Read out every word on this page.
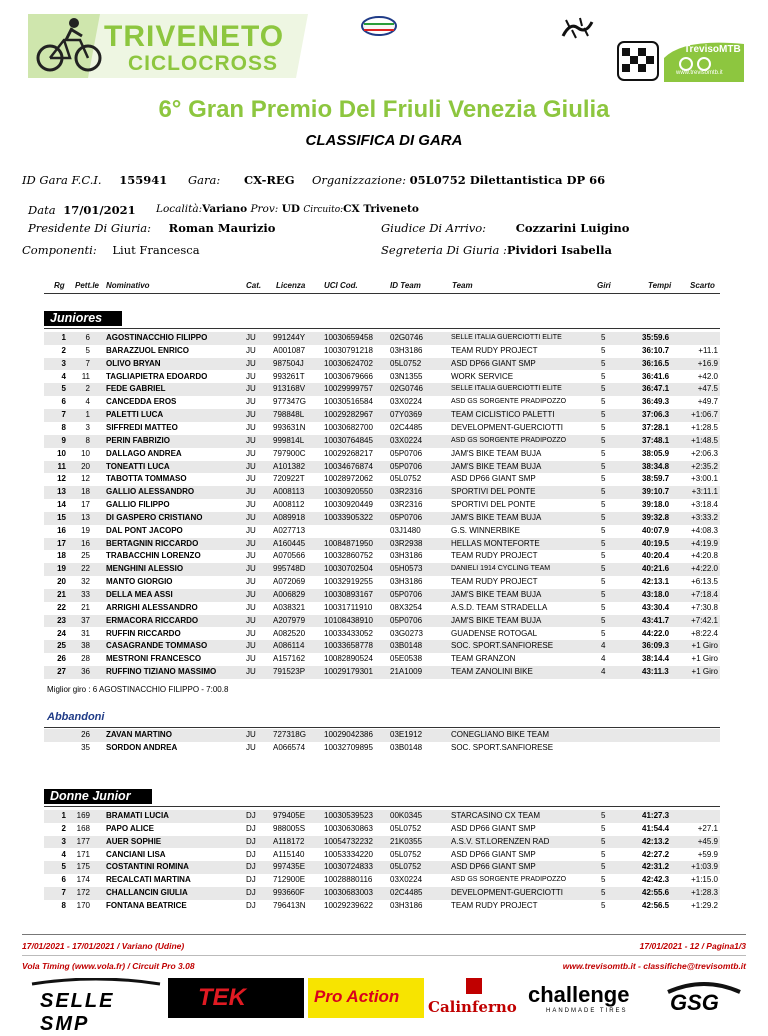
TRIVENETO
CICLOCROSS
TrevisoMTB
www.trevisomtb.it
6° Gran Premio Del Friuli Venezia Giulia
CLASSIFICA DI GARA
ID Gara F.C.I. 155941 Gara: CX-REG Organizzazione: 05L0752 Dilettantistica DP 66
Data 17/01/2021 Località:Variano Prov: UD Circuito:CX Triveneto
Presidente Di Giuria: Roman Maurizio	Giudice Di Arrivo:	Cozzarini Luigino
Componenti: Liut Francesca	Segreteria Di Giuria :Pividori Isabella
Rg Pett.le Nominativo	Cat. Licenza UCI Cod.	ID Team	Team	Giri	Tempi Scarto
Juniores
1	6 AGOSTINACCHIO FILIPPO	JU 991244Y 10030659458 02G0746	SELLE ITALIA GUERCIOTTI ELITE	5	35:59.6
2	5 BARAZZUOL ENRICO	JU A001087 10030791218 03H3186	TEAM RUDY PROJECT	5	36:10.7	+11.1
3	7 OLIVO BRYAN	JU 987504J	10030624702 05L0752	ASD DP66 GIANT SMP	5	36:16.5	+16.9
4	11 TAGLIAPIETRA EDOARDO	JU 993261T 10030679666 03N1355	WORK SERVICE	5	36:41.6	+42.0
5	2 FEDE GABRIEL	JU 913168V 10029999757 02G0746	SELLE ITALIA GUERCIOTTI ELITE	5	36:47.1	+47.5
6	4 CANCEDDA EROS	JU 977347G 10030516584 03X0224	ASD GS SORGENTE PRADIPOZZO	5	36:49.3	+49.7
7	1 PALETTI LUCA	JU 798848L 10029282967 07Y0369	TEAM CICLISTICO PALETTI	5	37:06.3	+1:06.7
8	3 SIFFREDI MATTEO	JU 993631N 10030682700 02C4485	DEVELOPMENT-GUERCIOTTI	5	37:28.1	+1:28.5
9	8 PERIN FABRIZIO	JU 999814L 10030764845 03X0224	ASD GS SORGENTE PRADIPOZZO	5	37:48.1	+1:48.5
10	10 DALLAGO ANDREA	JU 797900C 10029268217 05P0706	JAM'S BIKE TEAM BUJA	5	38:05.9	+2:06.3
11	20 TONEATTI LUCA	JU A101382 10034676874 05P0706	JAM'S BIKE TEAM BUJA	5	38:34.8	+2:35.2
12	12 TABOTTA TOMMASO	JU 720922T 10028972062 05L0752	ASD DP66 GIANT SMP	5	38:59.7	+3:00.1
13	18 GALLIO ALESSANDRO	JU A008113 10030920550 03R2316	SPORTIVI DEL PONTE	5	39:10.7	+3:11.1
14	17 GALLIO FILIPPO	JU A008112 10030920449 03R2316	SPORTIVI DEL PONTE	5	39:18.0	+3:18.4
15	13 DI GASPERO CRISTIANO	JU A089918 10033905322 05P0706	JAM'S BIKE TEAM BUJA	5	39:32.8	+3:33.2
16	19 DAL PONT JACOPO	JU A027713	03J1480	G.S. WINNERBIKE	5	40:07.9	+4:08.3
17	16 BERTAGNIN RICCARDO	JU A160445 10084871950 03R2938	HELLAS MONTEFORTE	5	40:19.5	+4:19.9
18	25 TRABACCHIN LORENZO	JU A070566 10032860752 03H3186	TEAM RUDY PROJECT	5	40:20.4	+4:20.8
19	22 MENGHINI ALESSIO	JU 995748D 10030702504 05H0573	DANIELI 1914 CYCLING TEAM	5	40:21.6	+4:22.0
20	32 MANTO GIORGIO	JU A072069 10032919255 03H3186	TEAM RUDY PROJECT	5	42:13.1	+6:13.5
21	33 DELLA MEA ASSI	JU A006829 10030893167 05P0706	JAM'S BIKE TEAM BUJA	5	43:18.0	+7:18.4
22	21 ARRIGHI ALESSANDRO	JU A038321 10031711910 08X3254	A.S.D. TEAM STRADELLA	5	43:30.4	+7:30.8
23	37 ERMACORA RICCARDO	JU A207979 10108438910 05P0706	JAM'S BIKE TEAM BUJA	5	43:41.7	+7:42.1
24	31 RUFFIN RICCARDO	JU A082520 10033433052 03G0273	GUADENSE ROTOGAL	5	44:22.0	+8:22.4
25	38 CASAGRANDE TOMMASO	JU A086114 10033658778 03B0148	SOC. SPORT.SANFIORESE	4	36:09.3	+1 Giro
26	28 MESTRONI FRANCESCO	JU A157162 10082890524 05E0538	TEAM GRANZON	4	38:14.4	+1 Giro
27	36 RUFFINO TIZIANO MASSIMO	JU 791523P 10029179301 21A1009	TEAM ZANOLINI BIKE	4	43:11.3	+1 Giro
Miglior giro : 6 AGOSTINACCHIO FILIPPO - 7:00.8
Abbandoni
26 ZAVAN MARTINO	JU 727318G 10029042386 03E1912	CONEGLIANO BIKE TEAM
35 SORDON ANDREA	JU A066574 10032709895 03B0148	SOC. SPORT.SANFIORESE
Donne Junior
1	169 BRAMATI LUCIA	DJ 979405E 10030539523 00K0345	STARCASINO CX TEAM	5	41:27.3
2	168 PAPO ALICE	DJ 988005S 10030630863 05L0752	ASD DP66 GIANT SMP	5	41:54.4	+27.1
3	177 AUER SOPHIE	DJ A118172 10054732232 21K0355	A.S.V. ST.LORENZEN RAD	5	42:13.2	+45.9
4	171 CANCIANI LISA	DJ A115140 10053334220 05L0752	ASD DP66 GIANT SMP	5	42:27.2	+59.9
5	175 COSTANTINI ROMINA	DJ 997435E 10030724833 05L0752	ASD DP66 GIANT SMP	5	42:31.2	+1:03.9
6	174 RECALCATI MARTINA	DJ 712900E 10028880116 03X0224	ASD GS SORGENTE PRADIPOZZO	5	42:42.3	+1:15.0
7	172 CHALLANCIN GIULIA	DJ 993660F 10030683003 02C4485	DEVELOPMENT-GUERCIOTTI	5	42:55.6	+1:28.3
8	170 FONTANA BEATRICE	DJ 796413N 10029239622 03H3186	TEAM RUDY PROJECT	5	42:56.5	+1:29.2
17/01/2021 - 17/01/2021 / Variano (Udine)	17/01/2021 - 12 / Pagina1/3
Vola Timing (www.vola.fr) / Circuit Pro 3.08	www.trevisomtb.it - classifiche@trevisomtb.it
SELLE SMP
TEK	Pro Action
Calinferno challenge
HANDMADE TIRES GSG
